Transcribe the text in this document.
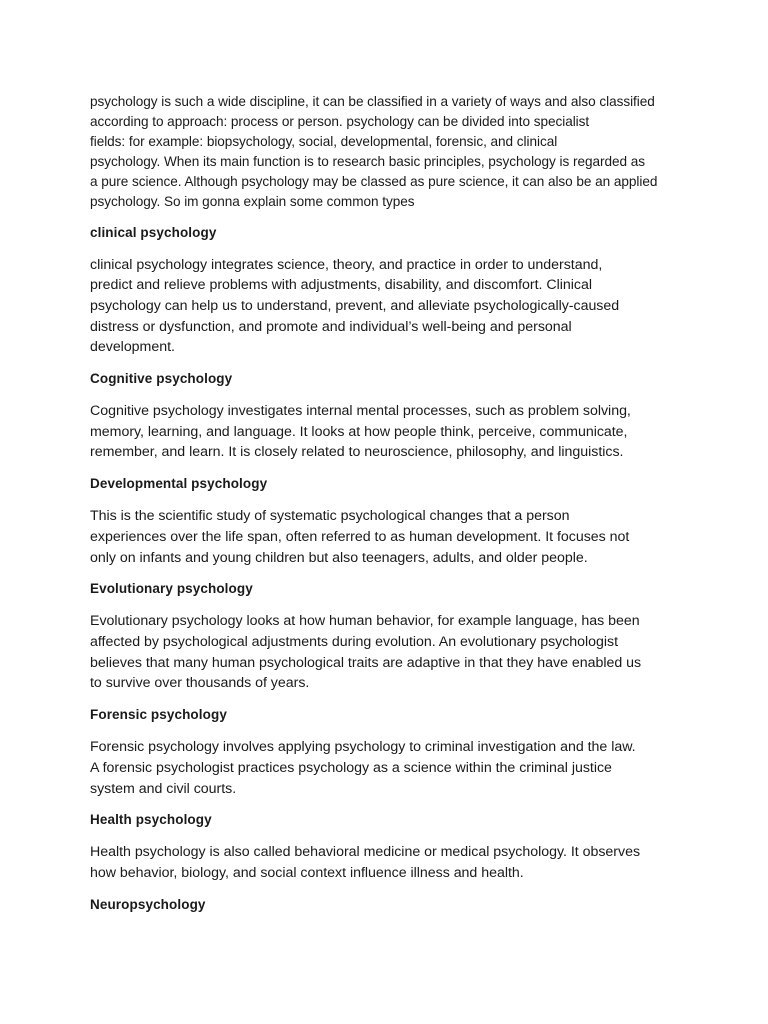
psychology is such a wide discipline, it can be classified in a variety of ways and also classified
according to approach: process or person. psychology can be divided into specialist
fields: for example: biopsychology, social, developmental, forensic, and clinical
psychology. When its main function is to research basic principles, psychology is regarded as
a pure science. Although psychology may be classed as pure science, it can also be an applied
psychology. So im gonna explain some common types

clinical psychology

clinical psychology integrates science, theory, and practice in order to understand,
predict and relieve problems with adjustments, disability, and discomfort. Clinical
psychology can help us to understand, prevent, and alleviate psychologically-caused
distress or dysfunction, and promote and individual’s well-being and personal
development.

Cognitive psychology

Cognitive psychology investigates internal mental processes, such as problem solving,
memory, learning, and language. It looks at how people think, perceive, communicate,
remember, and learn. It is closely related to neuroscience, philosophy, and linguistics.

Developmental psychology

This is the scientific study of systematic psychological changes that a person
experiences over the life span, often referred to as human development. It focuses not
only on infants and young children but also teenagers, adults, and older people.

Evolutionary psychology

Evolutionary psychology looks at how human behavior, for example language, has been
affected by psychological adjustments during evolution. An evolutionary psychologist
believes that many human psychological traits are adaptive in that they have enabled us
to survive over thousands of years.

Forensic psychology

Forensic psychology involves applying psychology to criminal investigation and the law.
A forensic psychologist practices psychology as a science within the criminal justice
system and civil courts.

Health psychology

Health psychology is also called behavioral medicine or medical psychology. It observes
how behavior, biology, and social context influence illness and health.

Neuropsychology
